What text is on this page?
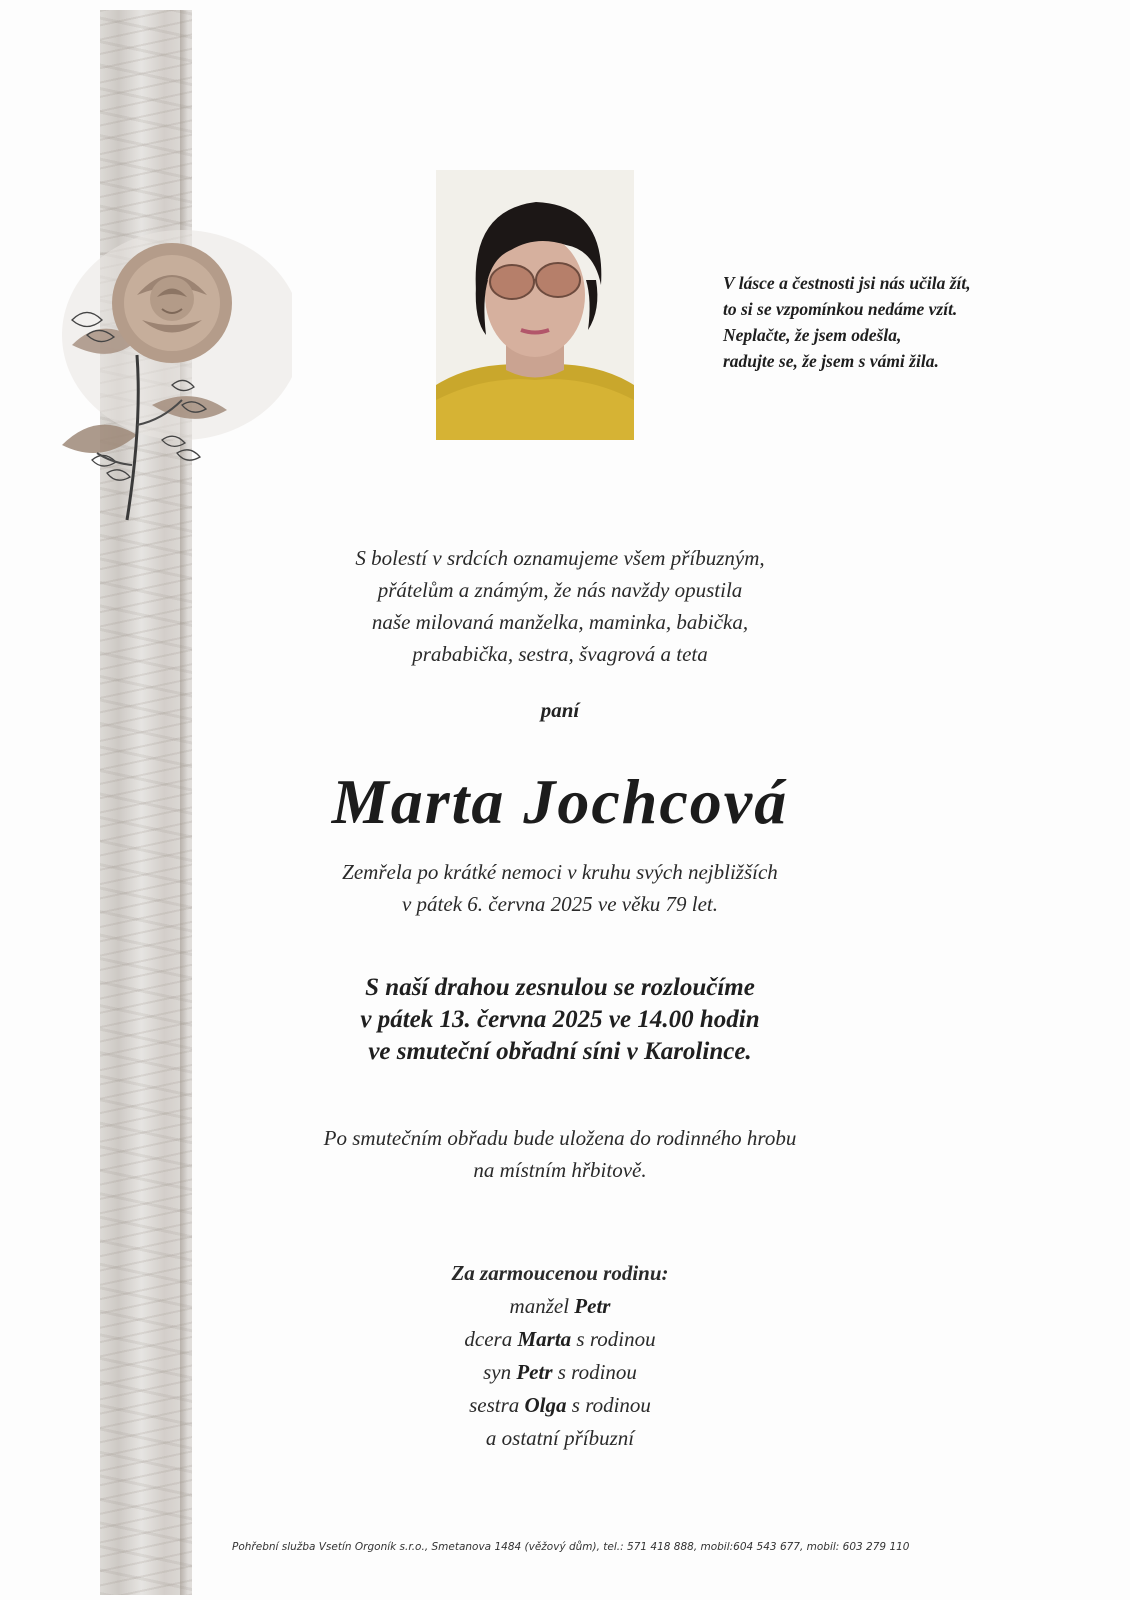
V lásce a čestnosti jsi nás učila žít,
to si se vzpomínkou nedáme vzít.
Neplačte, že jsem odešla,
radujte se, že jsem s vámi žila.
S bolestí v srdcích oznamujeme všem příbuzným,
přátelům a známým, že nás navždy opustila
naše milovaná manželka, maminka, babička,
prababička, sestra, švagrová a teta
paní
Marta Jochcová
Zemřela po krátké nemoci v kruhu svých nejbližších
v pátek 6. června 2025 ve věku 79 let.
S naší drahou zesnulou se rozloučíme
v pátek 13. června 2025 ve 14.00 hodin
ve smuteční obřadní síni v Karolince.
Po smutečním obřadu bude uložena do rodinného hrobu
na místním hřbitově.
Za zarmoucenou rodinu:
manžel Petr
dcera Marta s rodinou
syn Petr s rodinou
sestra Olga s rodinou
a ostatní příbuzní
Pohřební služba Vsetín Orgoník s.r.o., Smetanova 1484 (věžový dům), tel.: 571 418 888, mobil:604 543 677, mobil: 603 279 110
